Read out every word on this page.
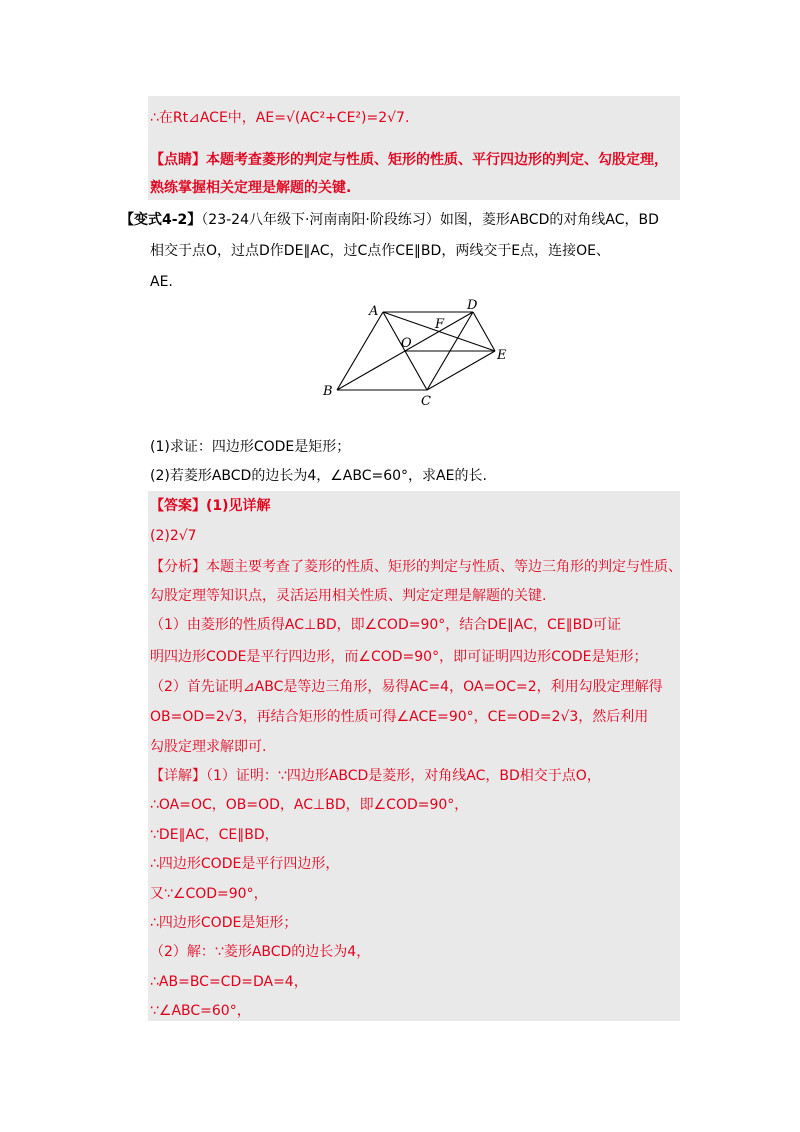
∴在Rt⊿ACE中，AE=√(AC²+CE²)=2√7.
【点睛】本题考查菱形的判定与性质、矩形的性质、平行四边形的判定、勾股定理，
熟练掌握相关定理是解题的关键.
【变式4-2】（23-24八年级下·河南南阳·阶段练习）如图，菱形ABCD的对角线AC，BD
相交于点O，过点D作DE∥AC，过C点作CE∥BD，两线交于E点，连接OE、
AE.
A	D
F
O
E
B
C
(1)求证：四边形CODE是矩形；
(2)若菱形ABCD的边长为4，∠ABC=60°，求AE的长.
【答案】(1)见详解
(2)2√7
【分析】本题主要考查了菱形的性质、矩形的判定与性质、等边三角形的判定与性质、
勾股定理等知识点，灵活运用相关性质、判定定理是解题的关键.
（1）由菱形的性质得AC⊥BD，即∠COD=90°，结合DE∥AC，CE∥BD可证
明四边形CODE是平行四边形，而∠COD=90°，即可证明四边形CODE是矩形；
（2）首先证明⊿ABC是等边三角形，易得AC=4，OA=OC=2，利用勾股定理解得
OB=OD=2√3，再结合矩形的性质可得∠ACE=90°，CE=OD=2√3，然后利用
勾股定理求解即可.
【详解】（1）证明：∵四边形ABCD是菱形，对角线AC，BD相交于点O，
∴OA=OC，OB=OD，AC⊥BD，即∠COD=90°，
∵DE∥AC，CE∥BD，
∴四边形CODE是平行四边形，
又∵∠COD=90°，
∴四边形CODE是矩形；
（2）解：∵菱形ABCD的边长为4，
∴AB=BC=CD=DA=4，
∵∠ABC=60°，
